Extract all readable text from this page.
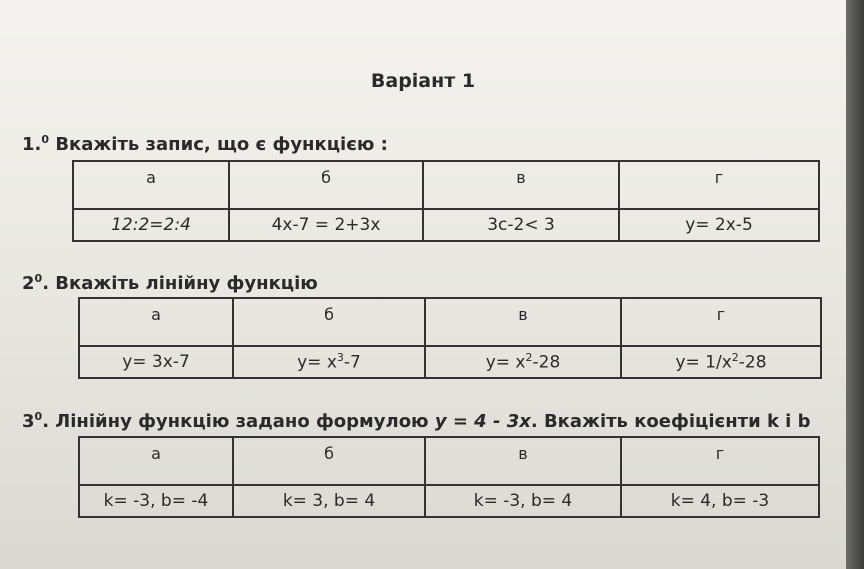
Варіант 1
1.$^0$ Вкажіть запис, що є функцією :
а	б	в	г
12:2=2:4	4х-7 = 2+3х	3с-2< 3	у= 2х-5
$2^0$. Вкажіть лінійну функцію
а	б	в	г
у= 3х-7	$у= х^3-7$	$у= х^2-28$	$у= 1/х^2-28$
$3^0$. Лінійну функцію задано формулою у = 4 - 3х. Вкажіть коефіцієнти k і b
а	б	в	г
k= -3, b= -4	k= 3, b= 4	k= -3, b= 4	k= 4, b= -3
